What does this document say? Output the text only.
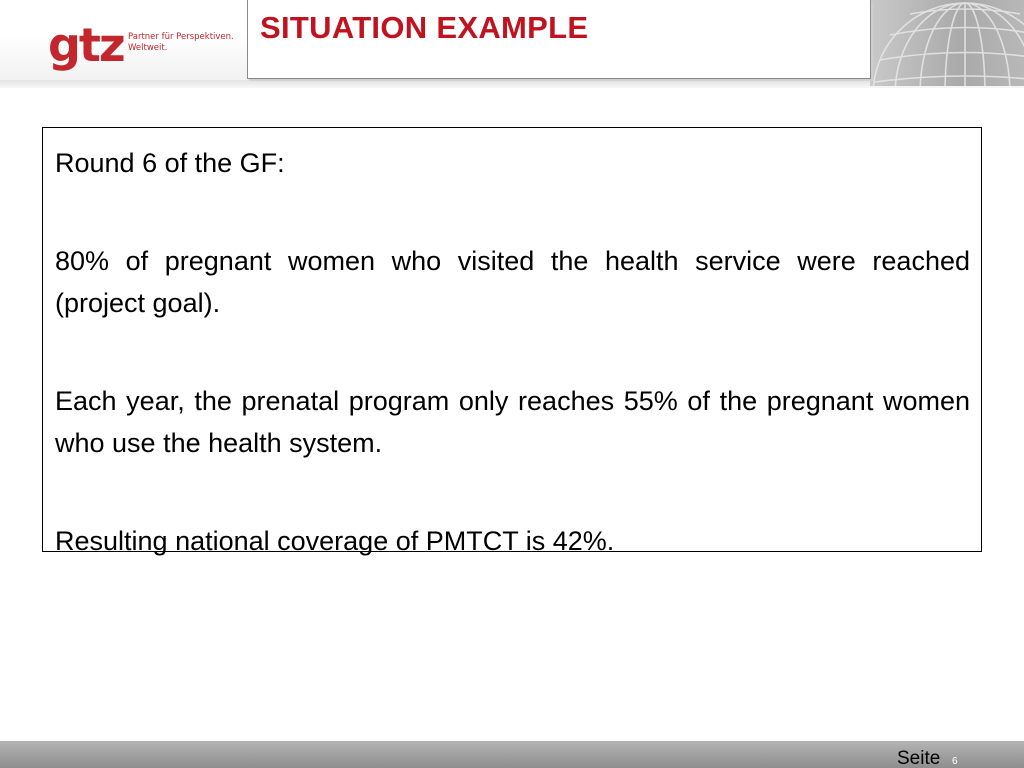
gtz Partner für Perspektiven.
Weltweit.
SITUATION EXAMPLE

Round 6 of the GF:

80% of pregnant women who visited the health service were reached (project goal).

Each year, the prenatal program only reaches 55% of the pregnant women who use the health system.

Resulting national coverage of PMTCT is 42%.

Seite 6
